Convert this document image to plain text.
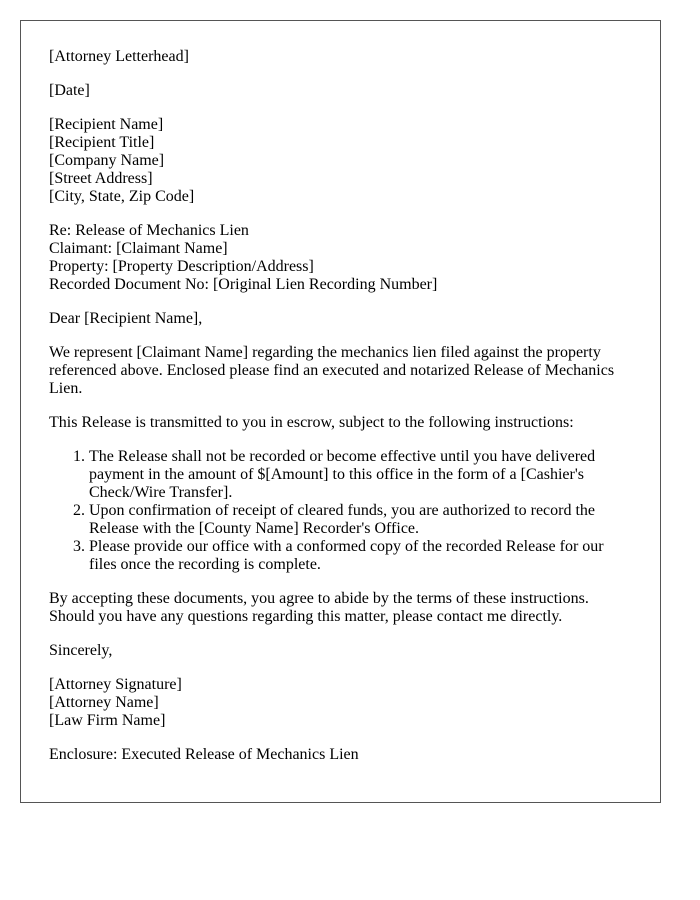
[Attorney Letterhead]

[Date]

[Recipient Name]
[Recipient Title]
[Company Name]
[Street Address]
[City, State, Zip Code]

Re: Release of Mechanics Lien
Claimant: [Claimant Name]
Property: [Property Description/Address]
Recorded Document No: [Original Lien Recording Number]

Dear [Recipient Name],

We represent [Claimant Name] regarding the mechanics lien filed against the property referenced above. Enclosed please find an executed and notarized Release of Mechanics Lien.

This Release is transmitted to you in escrow, subject to the following instructions:

1. The Release shall not be recorded or become effective until you have delivered payment in the amount of $[Amount] to this office in the form of a [Cashier's Check/Wire Transfer].
2. Upon confirmation of receipt of cleared funds, you are authorized to record the Release with the [County Name] Recorder's Office.
3. Please provide our office with a conformed copy of the recorded Release for our files once the recording is complete.

By accepting these documents, you agree to abide by the terms of these instructions. Should you have any questions regarding this matter, please contact me directly.

Sincerely,

[Attorney Signature]
[Attorney Name]
[Law Firm Name]

Enclosure: Executed Release of Mechanics Lien
